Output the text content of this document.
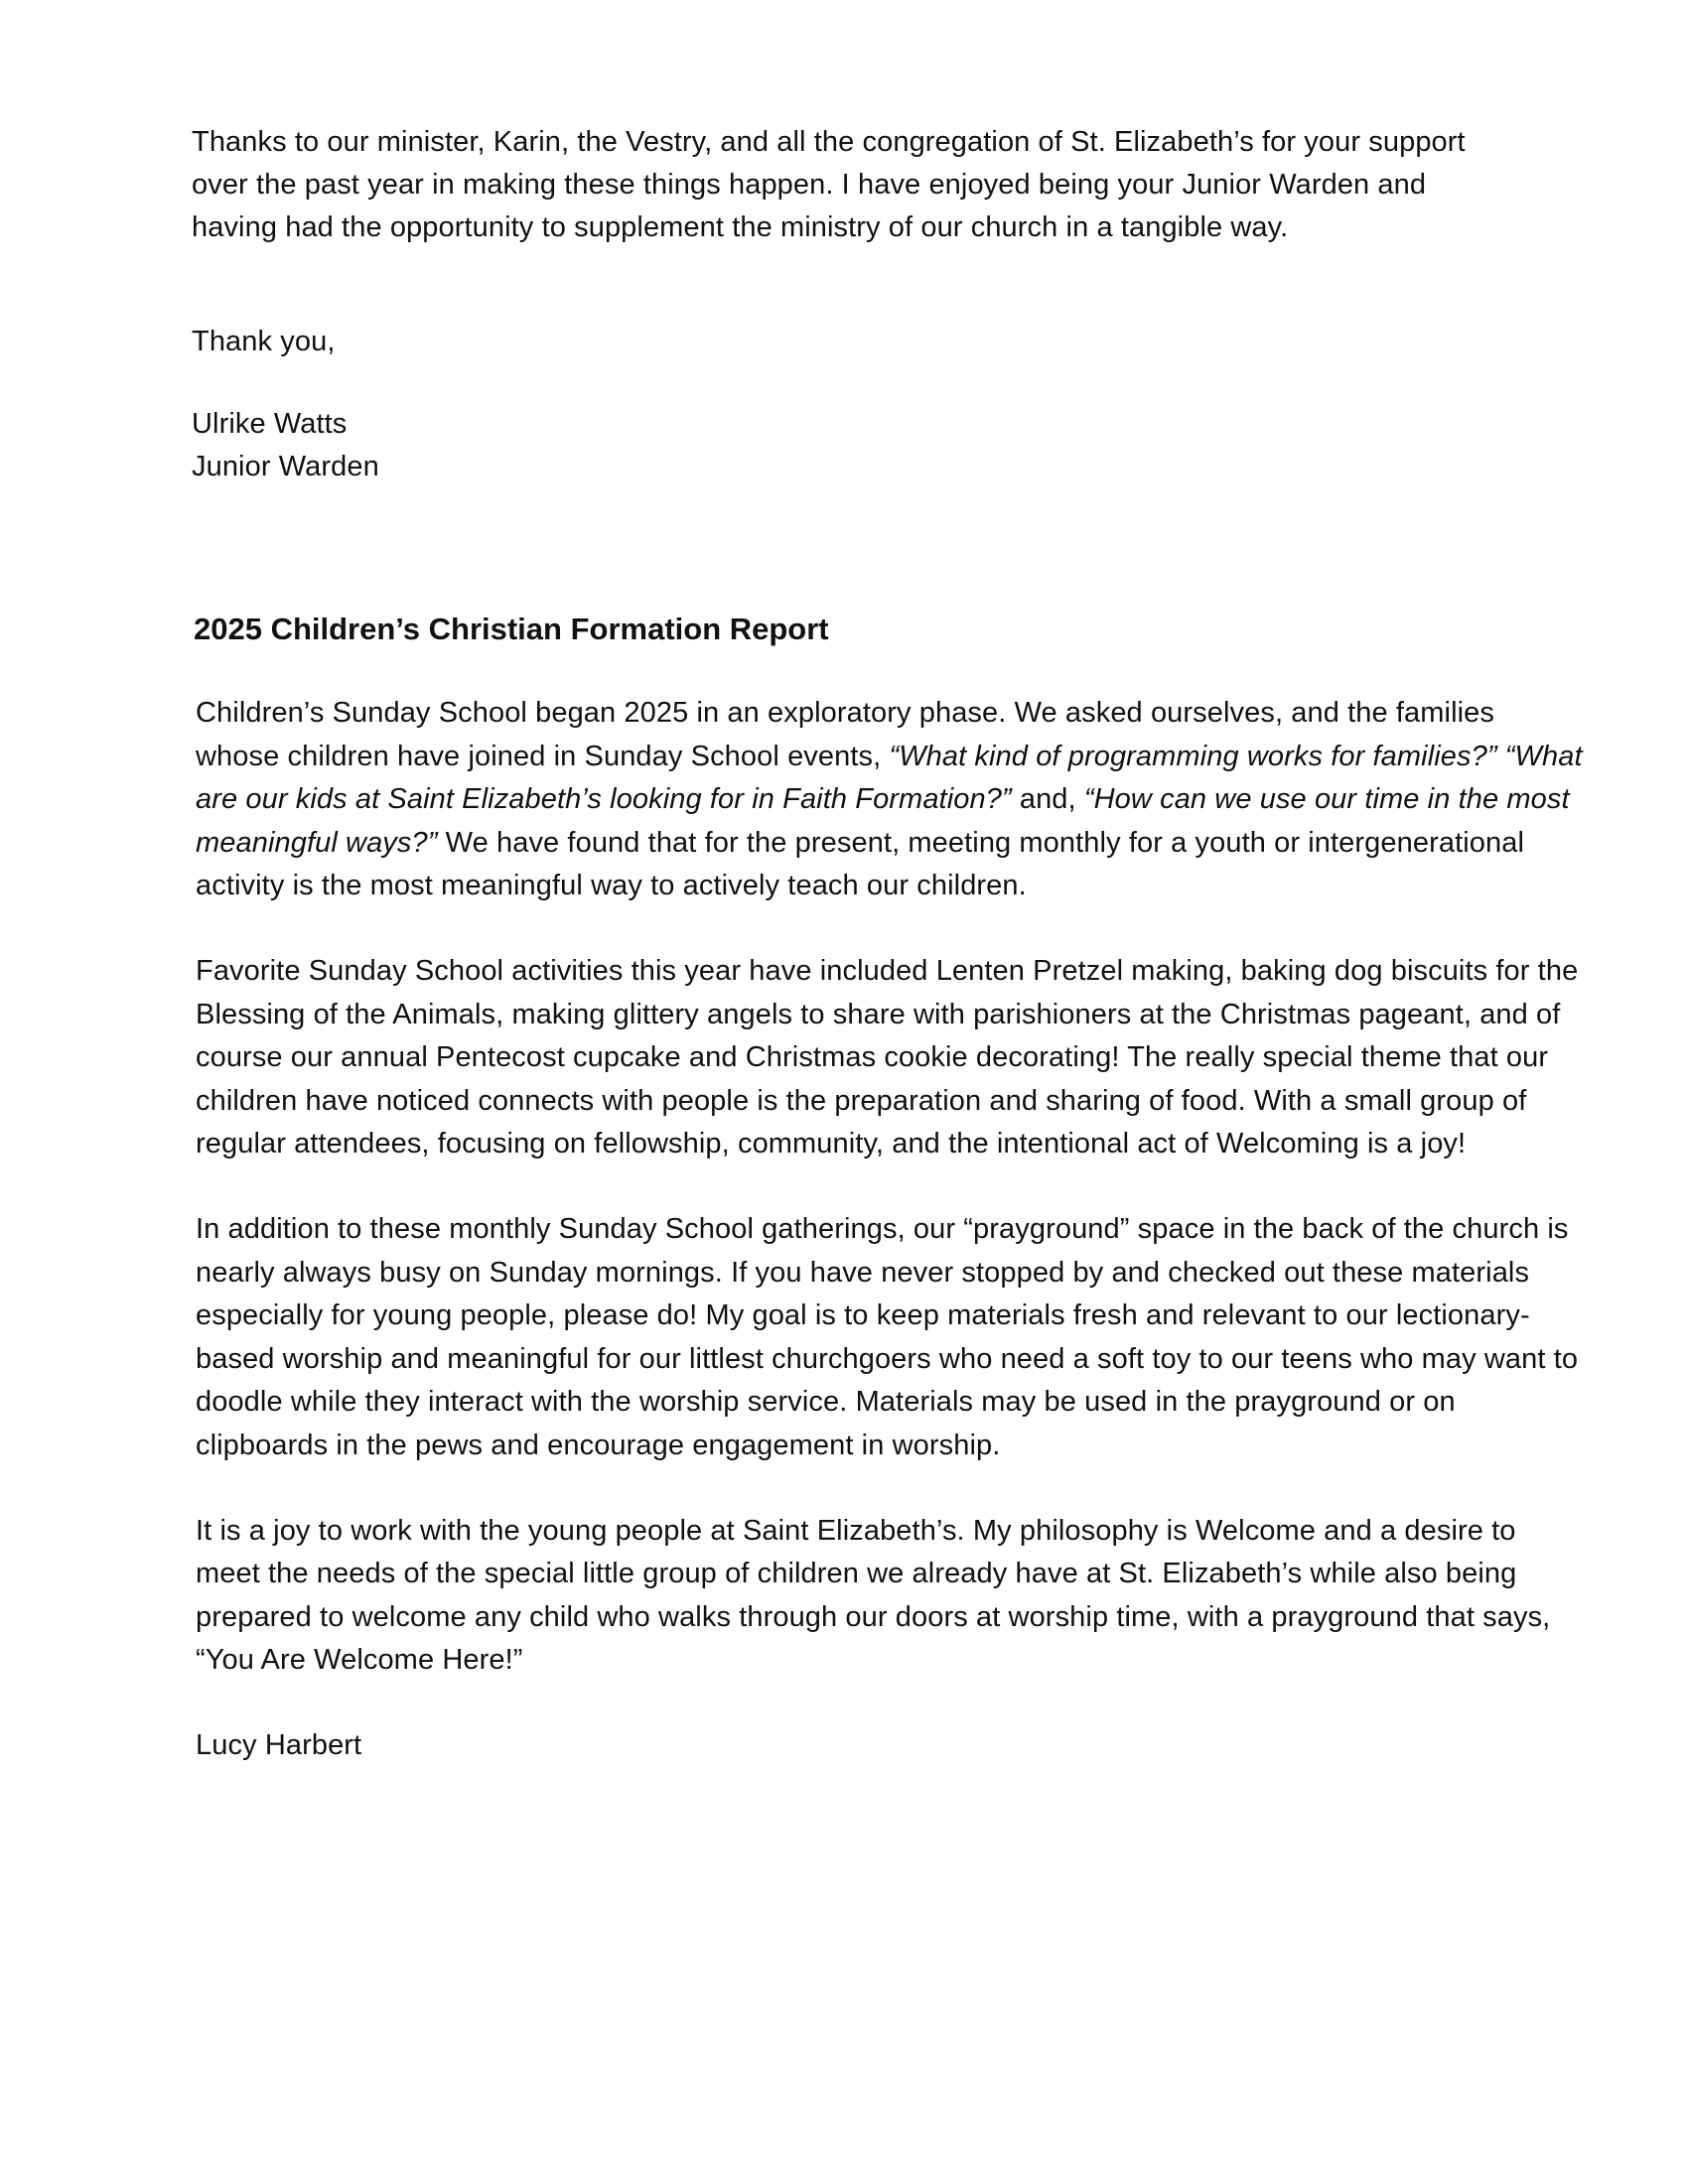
Thanks to our minister, Karin, the Vestry, and all the congregation of St. Elizabeth’s for your support over the past year in making these things happen. I have enjoyed being your Junior Warden and having had the opportunity to supplement the ministry of our church in a tangible way.

Thank you,

Ulrike Watts

Junior Warden

2025 Children’s Christian Formation Report

Children’s Sunday School began 2025 in an exploratory phase. We asked ourselves, and the families whose children have joined in Sunday School events, “What kind of programming works for families?” “What are our kids at Saint Elizabeth’s looking for in Faith Formation?” and, “How can we use our time in the most meaningful ways?” We have found that for the present, meeting monthly for a youth or intergenerational activity is the most meaningful way to actively teach our children.

Favorite Sunday School activities this year have included Lenten Pretzel making, baking dog biscuits for the Blessing of the Animals, making glittery angels to share with parishioners at the Christmas pageant, and of course our annual Pentecost cupcake and Christmas cookie decorating! The really special theme that our children have noticed connects with people is the preparation and sharing of food. With a small group of regular attendees, focusing on fellowship, community, and the intentional act of Welcoming is a joy!

In addition to these monthly Sunday School gatherings, our “prayground” space in the back of the church is nearly always busy on Sunday mornings. If you have never stopped by and checked out these materials especially for young people, please do! My goal is to keep materials fresh and relevant to our lectionary-based worship and meaningful for our littlest churchgoers who need a soft toy to our teens who may want to doodle while they interact with the worship service. Materials may be used in the prayground or on clipboards in the pews and encourage engagement in worship.

It is a joy to work with the young people at Saint Elizabeth’s. My philosophy is Welcome and a desire to meet the needs of the special little group of children we already have at St. Elizabeth’s while also being prepared to welcome any child who walks through our doors at worship time, with a prayground that says, “You Are Welcome Here!”

Lucy Harbert
